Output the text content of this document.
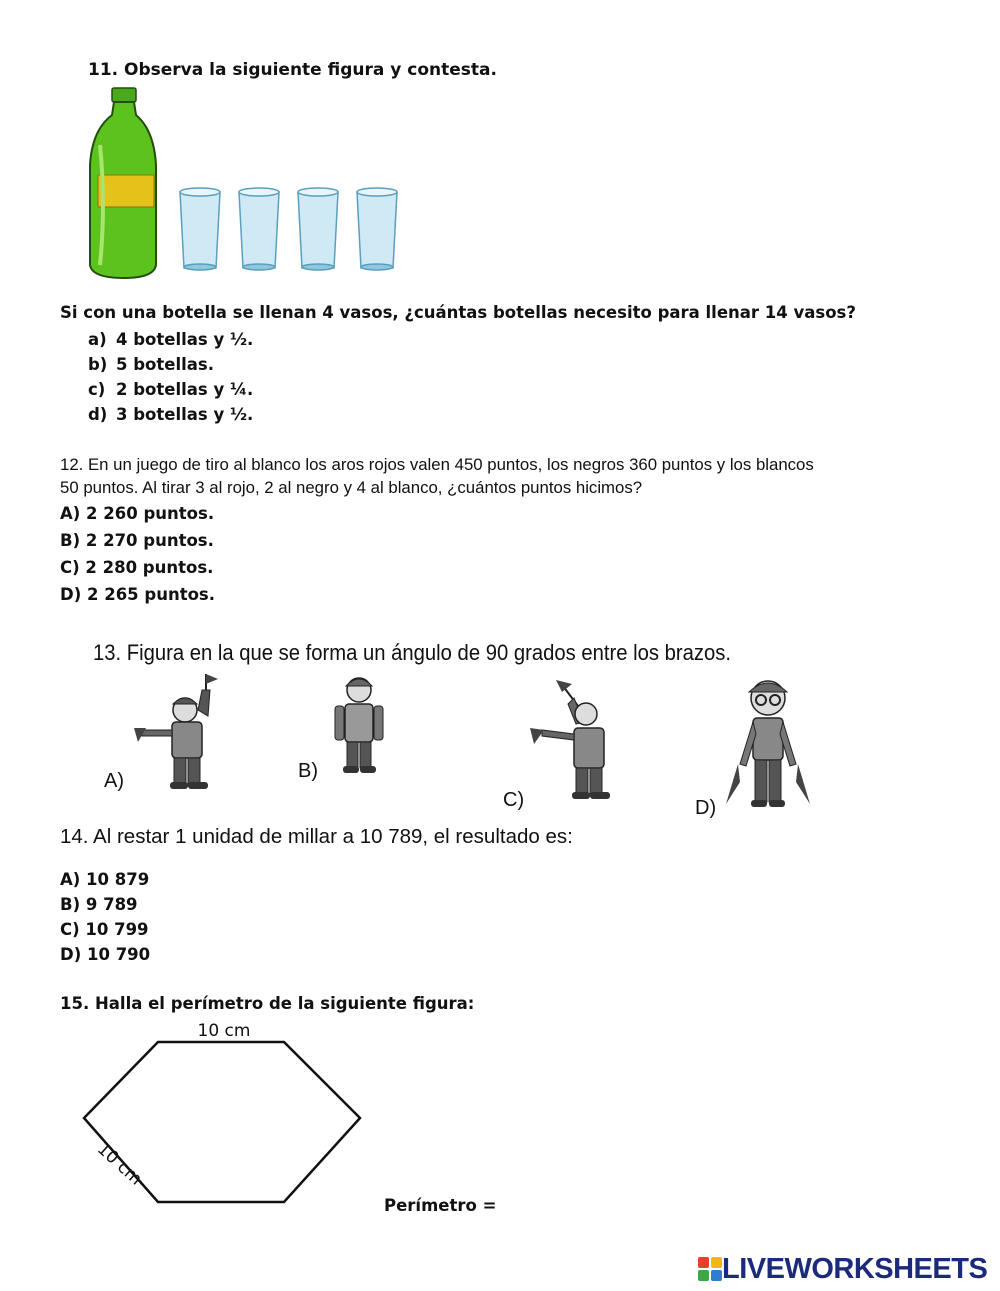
11. Observa la siguiente figura y contesta.
Si con una botella se llenan 4 vasos, ¿cuántas botellas necesito para llenar 14 vasos?
a) 4 botellas y ½.
b) 5 botellas.
c) 2 botellas y ¼.
d) 3 botellas y ½.
12. En un juego de tiro al blanco los aros rojos valen 450 puntos, los negros 360 puntos y los blancos
50 puntos. Al tirar 3 al rojo, 2 al negro y 4 al blanco, ¿cuántos puntos hicimos?
A) 2 260 puntos.
B) 2 270 puntos.
C) 2 280 puntos.
D) 2 265 puntos.
13. Figura en la que se forma un ángulo de 90 grados entre los brazos.
A)	B)
C)	D)
14. Al restar 1 unidad de millar a 10 789, el resultado es:
A) 10 879
B) 9 789
C) 10 799
D) 10 790
15. Halla el perímetro de la siguiente figura:
10 cm
10 cm
Perímetro =
LIVEWORKSHEETS
